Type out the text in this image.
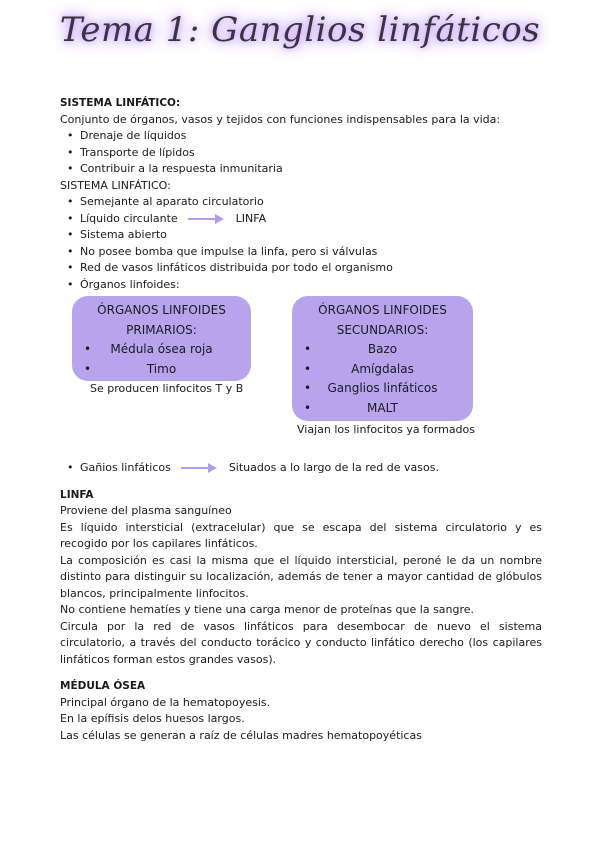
Tema 1: Ganglios linfáticos
SISTEMA LINFÁTICO:
Conjunto de órganos, vasos y tejidos con funciones indispensables para la vida:
• Drenaje de líquidos
• Transporte de lípidos
• Contribuir a la respuesta inmunitaria
SISTEMA LINFÁTICO:
• Semejante al aparato circulatorio
• Líquido circulante	LINFA
• Sistema abierto
• No posee bomba que impulse la linfa, pero si válvulas
• Red de vasos linfáticos distribuida por todo el organismo
• Órganos linfoides:
ÓRGANOS LINFOIDES
PRIMARIOS:
• Médula ósea roja
• Timo
Se producen linfocitos T y B
ÓRGANOS LINFOIDES
SECUNDARIOS:
• Bazo
• Amígdalas
• Ganglios linfáticos
• MALT
Viajan los linfocitos ya formados
• Gañios linfáticos	Situados a lo largo de la red de vasos.
LINFA
Proviene del plasma sanguíneo
Es líquido intersticial (extracelular) que se escapa del sistema circulatorio y es recogido por los capilares linfáticos.
La composición es casi la misma que el líquido intersticial, peroné le da un nombre distinto para distinguir su localización, además de tener a mayor cantidad de glóbulos blancos, principalmente linfocitos.
No contiene hematíes y tiene una carga menor de proteínas que la sangre.
Circula por la red de vasos linfáticos para desembocar de nuevo el sistema circulatorio, a través del conducto torácico y conducto linfático derecho (los capilares linfáticos forman estos grandes vasos).
MÉDULA ÓSEA
Principal órgano de la hematopoyesis.
En la epífisis delos huesos largos.
Las células se generan a raíz de células madres hematopoyéticas
